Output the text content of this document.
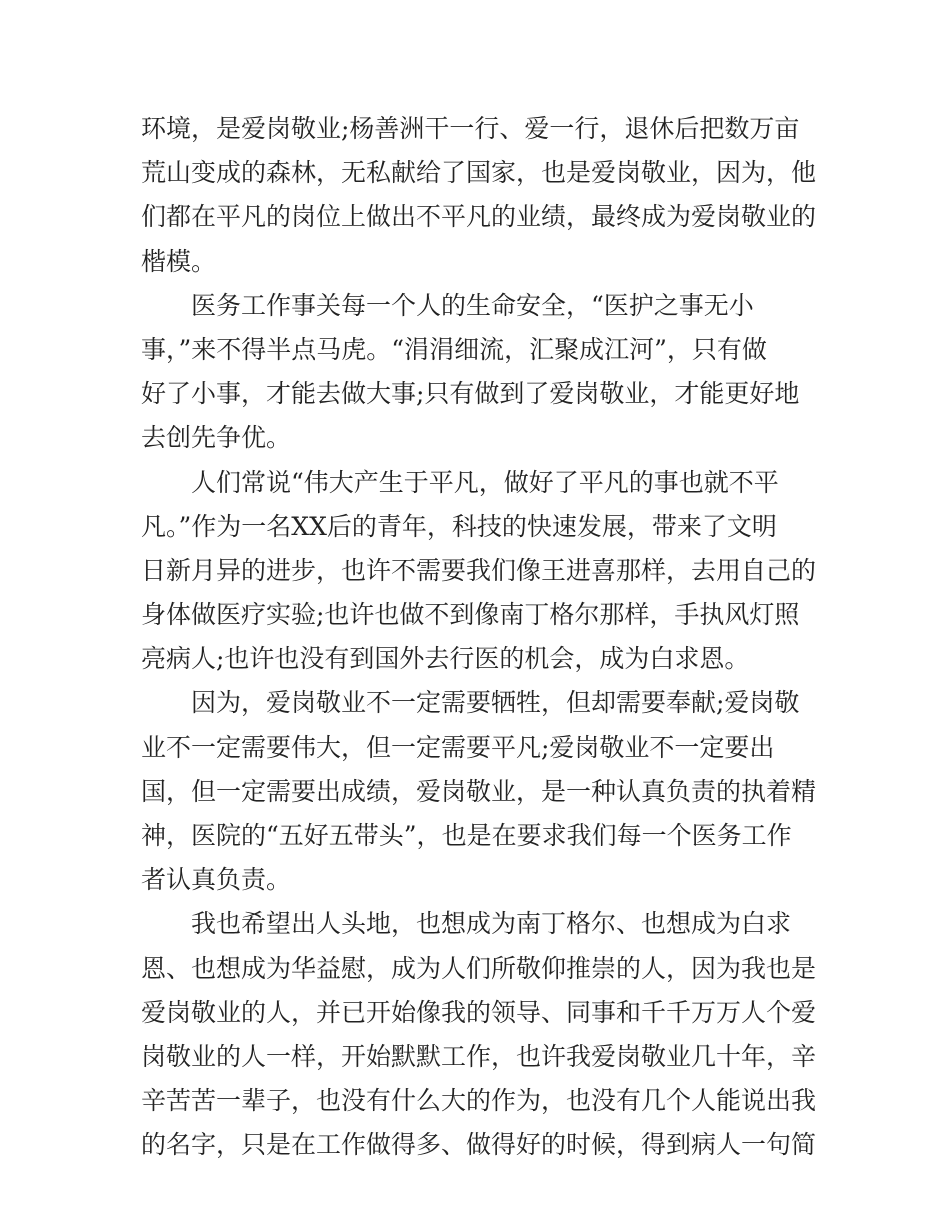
环境，是爱岗敬业;杨善洲干一行、爱一行，退休后把数万亩
荒山变成的森林，无私献给了国家，也是爱岗敬业，因为，他
们都在平凡的岗位上做出不平凡的业绩，最终成为爱岗敬业的
楷模。
医务工作事关每一个人的生命安全，“医护之事无小
事，”来不得半点马虎。“涓涓细流，汇聚成江河”，只有做
好了小事，才能去做大事;只有做到了爱岗敬业，才能更好地
去创先争优。
人们常说“伟大产生于平凡，做好了平凡的事也就不平
凡。”作为一名XX后的青年，科技的快速发展，带来了文明
日新月异的进步，也许不需要我们像王进喜那样，去用自己的
身体做医疗实验;也许也做不到像南丁格尔那样，手执风灯照
亮病人;也许也没有到国外去行医的机会，成为白求恩。
因为，爱岗敬业不一定需要牺牲，但却需要奉献;爱岗敬
业不一定需要伟大，但一定需要平凡;爱岗敬业不一定要出
国，但一定需要出成绩，爱岗敬业，是一种认真负责的执着精
神，医院的“五好五带头”，也是在要求我们每一个医务工作
者认真负责。
我也希望出人头地，也想成为南丁格尔、也想成为白求
恩、也想成为华益慰，成为人们所敬仰推崇的人，因为我也是
爱岗敬业的人，并已开始像我的领导、同事和千千万万人个爱
岗敬业的人一样，开始默默工作，也许我爱岗敬业几十年，辛
辛苦苦一辈子，也没有什么大的作为，也没有几个人能说出我
的名字，只是在工作做得多、做得好的时候，得到病人一句简
